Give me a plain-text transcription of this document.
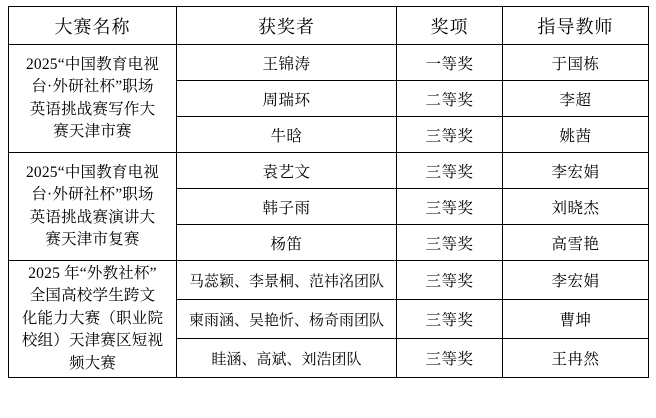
大赛名称	获奖者	奖项	指导教师

2025“中国教育电视
台·外研社杯”职场
英语挑战赛写作大
赛天津市赛	王锦涛	一等奖	于国栋
	周瑞环	二等奖	李超
	牛晗	三等奖	姚茜

2025“中国教育电视
台·外研社杯”职场
英语挑战赛演讲大
赛天津市复赛	袁艺文	三等奖	李宏娟
	韩子雨	三等奖	刘晓杰
	杨笛	三等奖	高雪艳

2025 年“外教社杯”
全国高校学生跨文
化能力大赛（职业院
校组）天津赛区短视
频大赛	马蕊颖、李景桐、范祎洺团队	三等奖	李宏娟
	柬雨涵、吴艳忻、杨奇雨团队	三等奖	曹坤
	眭涵、高斌、刘浩团队	三等奖	王冉然
